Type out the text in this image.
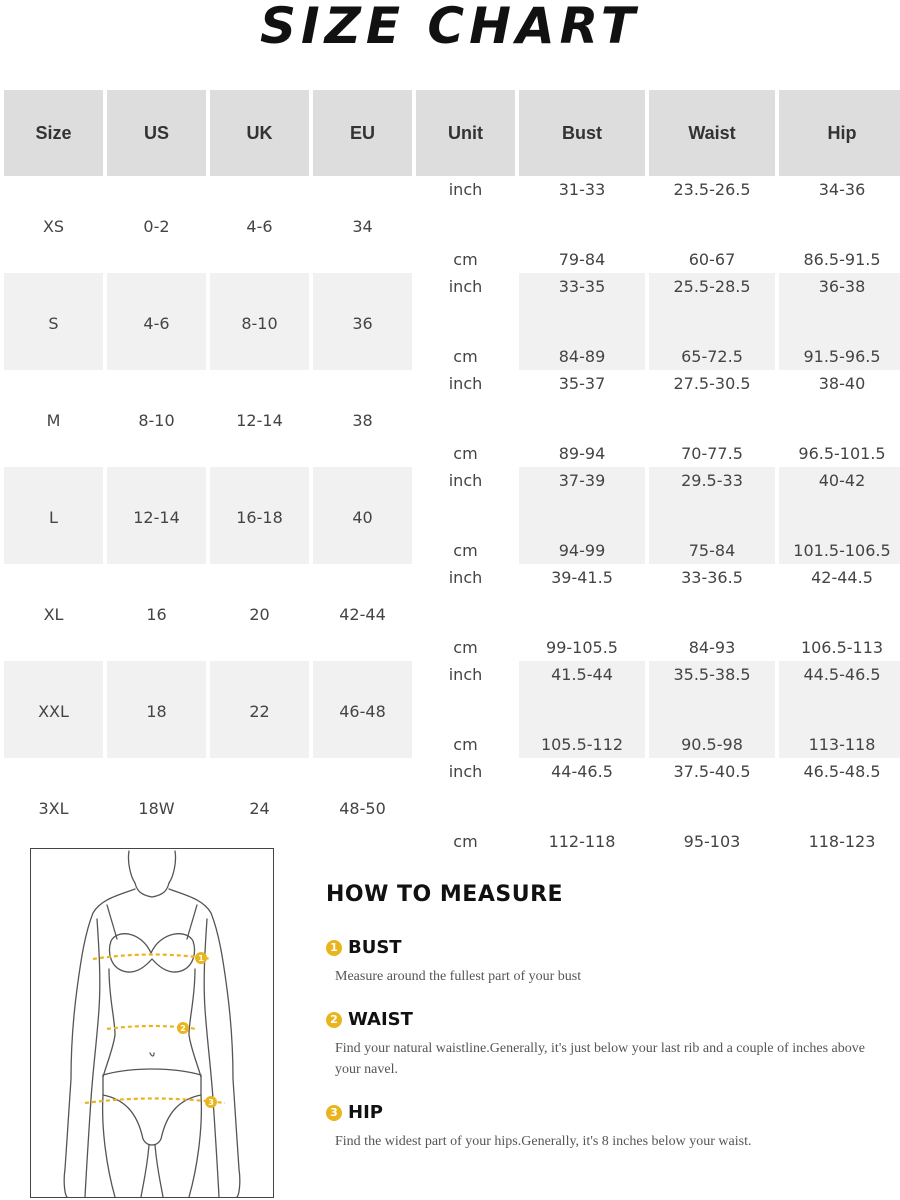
SIZE CHART
Size	US	UK	EU	Unit	Bust	Waist	Hip
XS	0-2	4-6	34	inch	31-33	23.5-26.5	34-36
				cm	79-84	60-67	86.5-91.5
S	4-6	8-10	36	inch	33-35	25.5-28.5	36-38
				cm	84-89	65-72.5	91.5-96.5
M	8-10	12-14	38	inch	35-37	27.5-30.5	38-40
				cm	89-94	70-77.5	96.5-101.5
L	12-14	16-18	40	inch	37-39	29.5-33	40-42
				cm	94-99	75-84	101.5-106.5
XL	16	20	42-44	inch	39-41.5	33-36.5	42-44.5
				cm	99-105.5	84-93	106.5-113
XXL	18	22	46-48	inch	41.5-44	35.5-38.5	44.5-46.5
				cm	105.5-112	90.5-98	113-118
3XL	18W	24	48-50	inch	44-46.5	37.5-40.5	46.5-48.5
				cm	112-118	95-103	118-123
1
2
3
HOW TO MEASURE
1 BUST
Measure around the fullest part of your bust
2 WAIST
Find your natural waistline.Generally, it's just below your last rib and a couple of inches above your navel.
3 HIP
Find the widest part of your hips.Generally, it's 8 inches below your waist.
